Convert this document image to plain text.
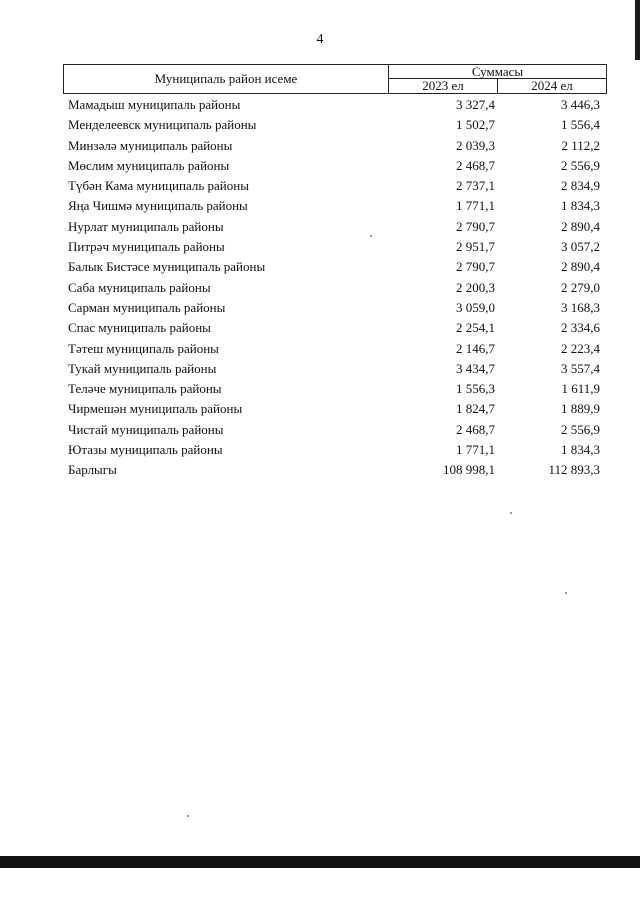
4
Муниципаль район исеме	Суммасы
2023 ел	2024 ел
Мамадыш муниципаль районы	3 327,4	3 446,3
Менделеевск муниципаль районы	1 502,7	1 556,4
Минзәлә муниципаль районы	2 039,3	2 112,2
Мөслим муниципаль районы	2 468,7	2 556,9
Түбән Кама муниципаль районы	2 737,1	2 834,9
Яңа Чишмә муниципаль районы	1 771,1	1 834,3
Нурлат муниципаль районы	2 790,7	2 890,4
Питрәч муниципаль районы	2 951,7	3 057,2
Балык Бистәсе муниципаль районы	2 790,7	2 890,4
Саба муниципаль районы	2 200,3	2 279,0
Сарман муниципаль районы	3 059,0	3 168,3
Спас муниципаль районы	2 254,1	2 334,6
Тәтеш муниципаль районы	2 146,7	2 223,4
Тукай муниципаль районы	3 434,7	3 557,4
Теләче муниципаль районы	1 556,3	1 611,9
Чирмешән муниципаль районы	1 824,7	1 889,9
Чистай муниципаль районы	2 468,7	2 556,9
Ютазы муниципаль районы	1 771,1	1 834,3
Барлыгы	108 998,1	112 893,3
